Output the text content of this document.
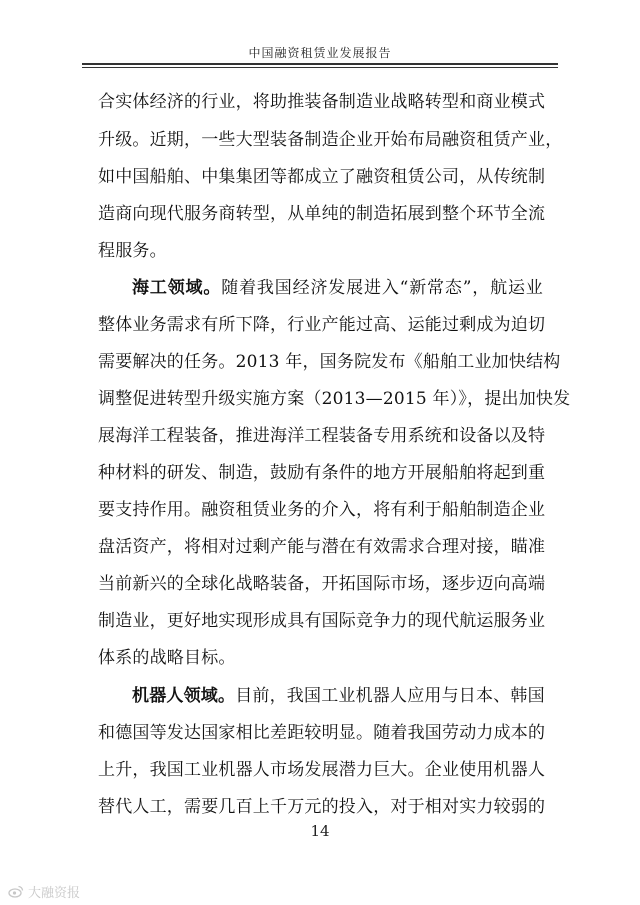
中国融资租赁业发展报告
合实体经济的行业，将助推装备制造业战略转型和商业模式
升级。近期，一些大型装备制造企业开始布局融资租赁产业，
如中国船舶、中集集团等都成立了融资租赁公司，从传统制
造商向现代服务商转型，从单纯的制造拓展到整个环节全流
程服务。
海工领域。随着我国经济发展进入“新常态”，航运业
整体业务需求有所下降，行业产能过高、运能过剩成为迫切
需要解决的任务。2013 年，国务院发布《船舶工业加快结构
调整促进转型升级实施方案（2013—2015 年）》，提出加快发
展海洋工程装备，推进海洋工程装备专用系统和设备以及特
种材料的研发、制造，鼓励有条件的地方开展船舶将起到重
要支持作用。融资租赁业务的介入，将有利于船舶制造企业
盘活资产，将相对过剩产能与潜在有效需求合理对接，瞄准
当前新兴的全球化战略装备，开拓国际市场，逐步迈向高端
制造业，更好地实现形成具有国际竞争力的现代航运服务业
体系的战略目标。
机器人领域。目前，我国工业机器人应用与日本、韩国
和德国等发达国家相比差距较明显。随着我国劳动力成本的
上升，我国工业机器人市场发展潜力巨大。企业使用机器人
替代人工，需要几百上千万元的投入，对于相对实力较弱的
14
大融资报
